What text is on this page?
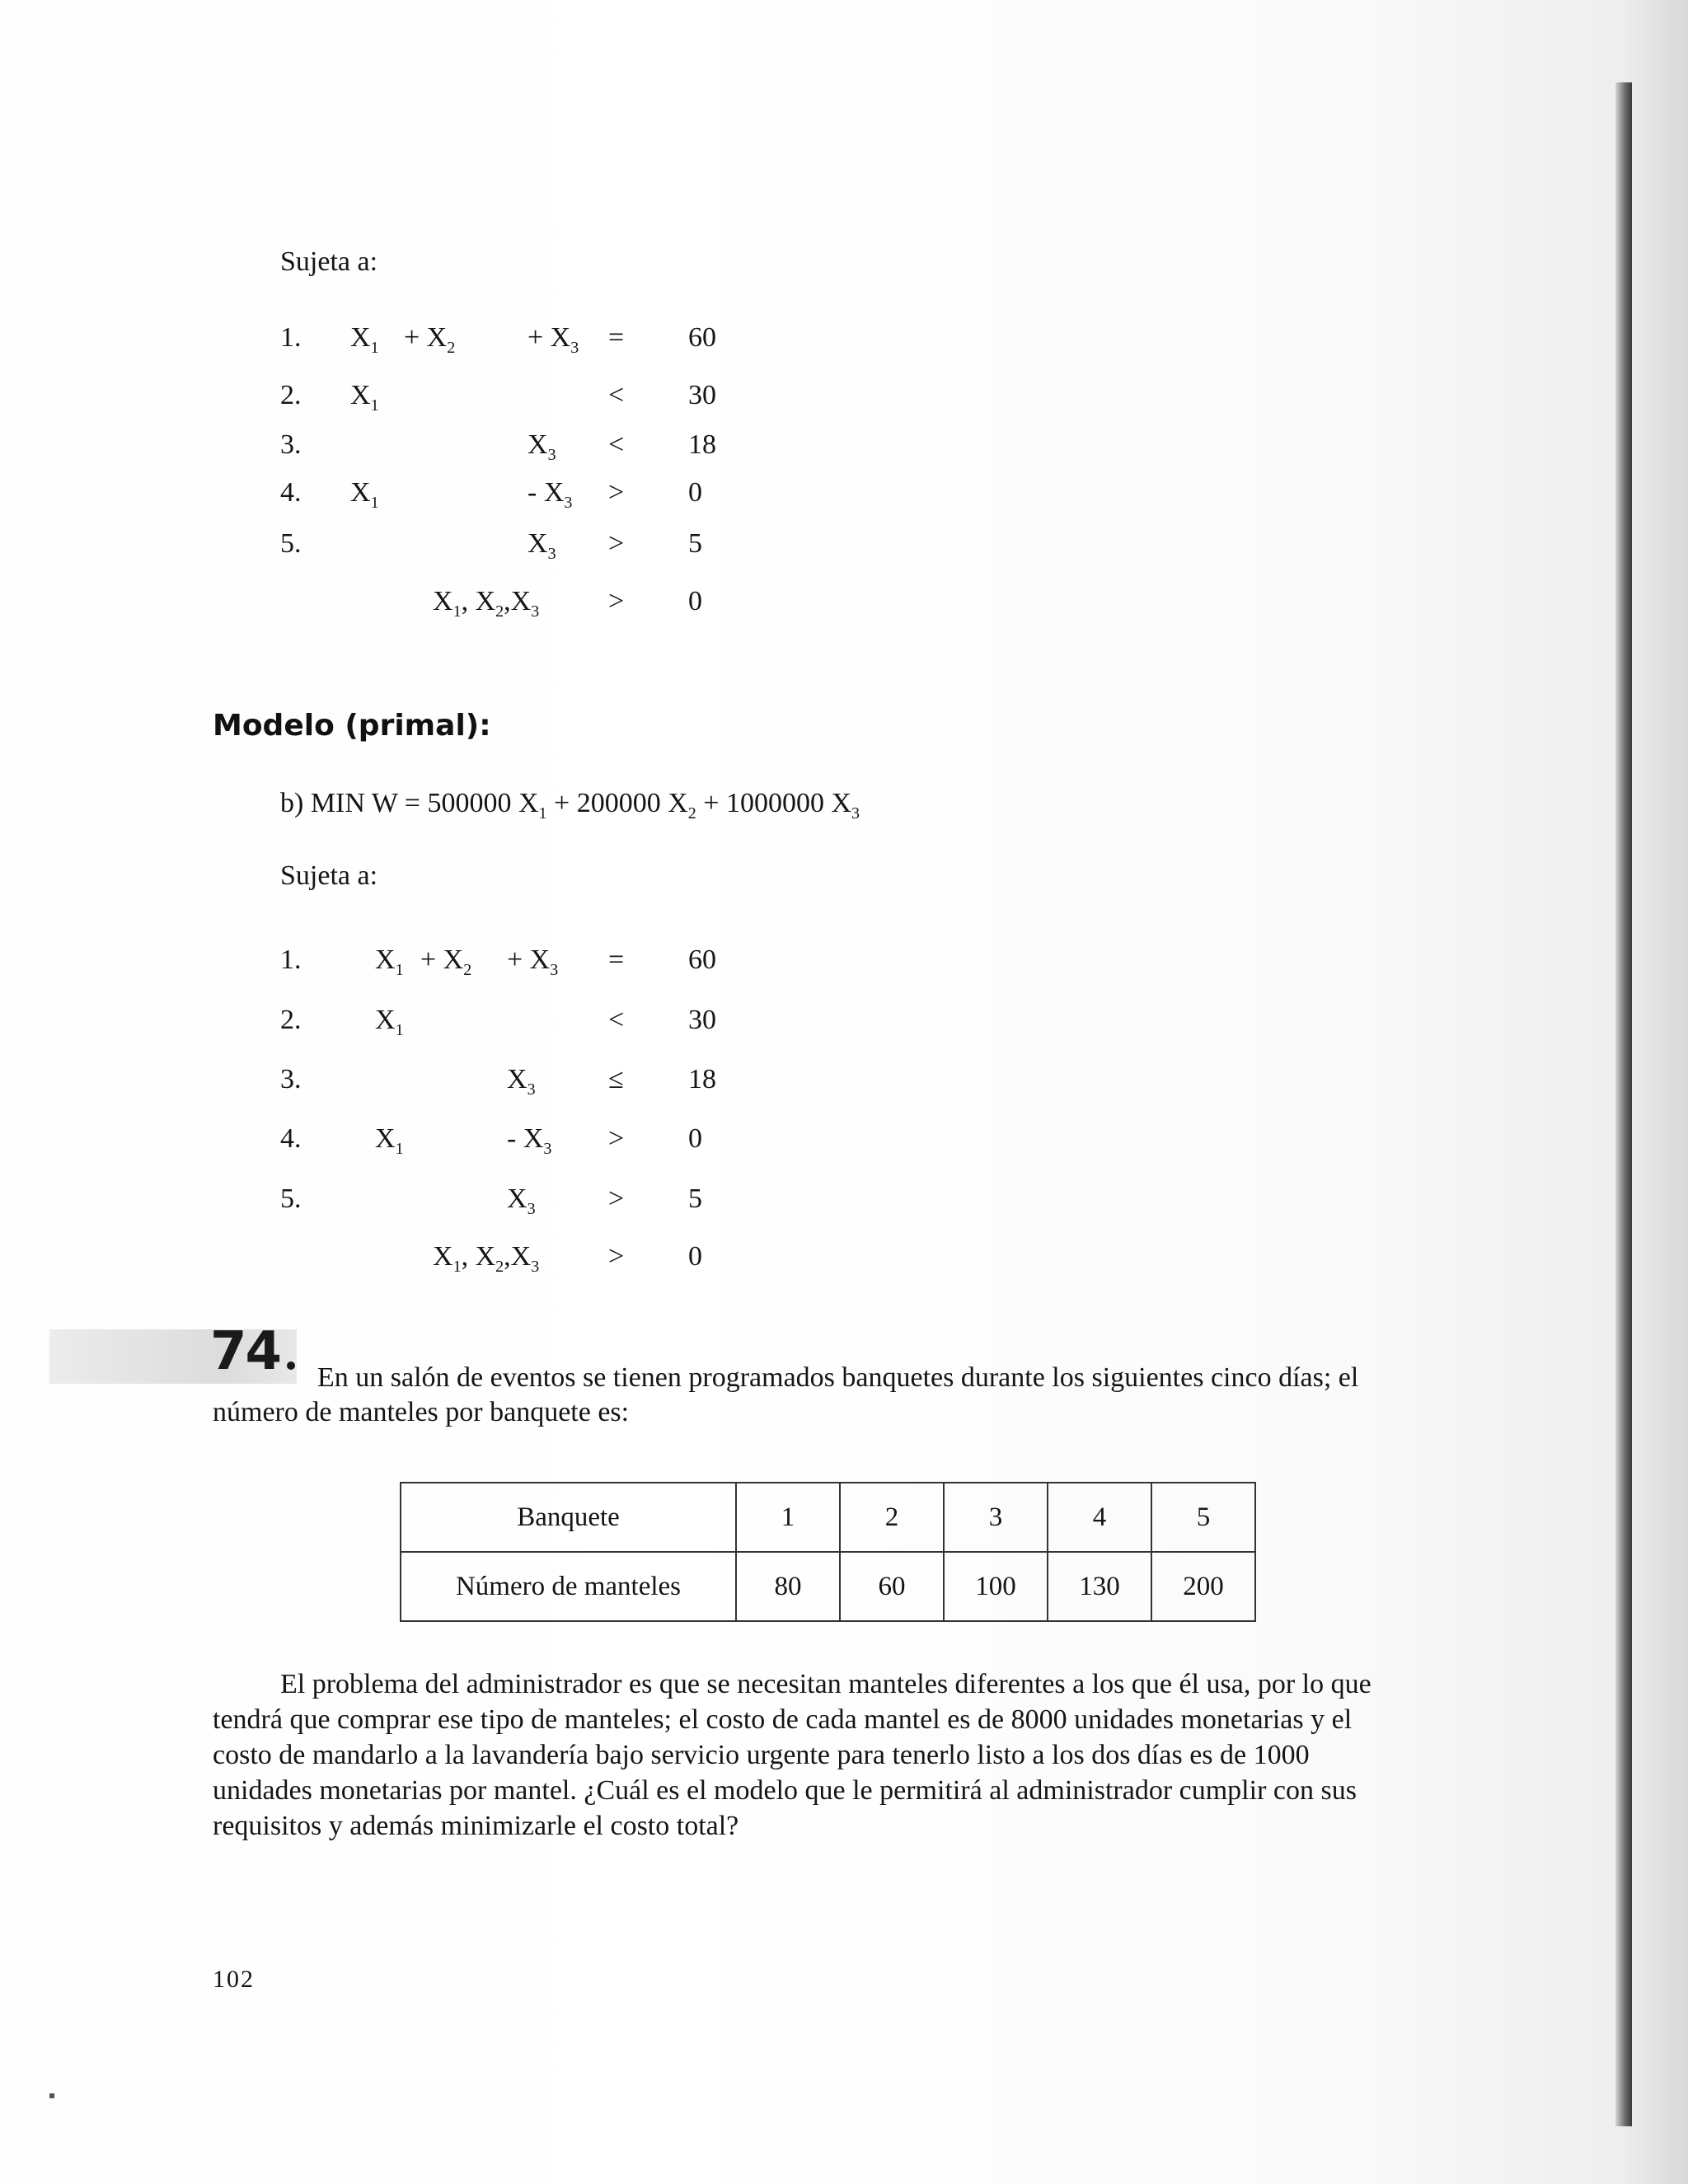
Sujeta a:
1. $X_1 + X_2$	+ $X_3 = 60$
2. $X_1$	< 30
3.	$X_3 < 18$
4. $X_1$	- $X_3 > 0$
5.	$X_3 > 5$
$X_1$, $X_2,X_3 > 0$
Modelo (primal):
b) MIN W = 500000 $X_1 + 200000$ $X_2 + 1000000$ $X_3$
Sujeta a:
1.	$X_1 + X_2 + X_3 = 60$
2.	$X_1$	< 30
3.	$X_3$	≤ 18
4.	$X_1$	- $X_3 > 0$
5.	$X_3$	> 5
$X_1$, $X_2,X_3 > 0$
74 En un salón de eventos se tienen programados banquetes durante los siguientes cinco días; el
número de manteles por banquete es:
Banquete	1	2	3	4	5
Número de manteles	80	60	100	130	200
El problema del administrador es que se necesitan manteles diferentes a los que él usa, por lo que
tendrá que comprar ese tipo de manteles; el costo de cada mantel es de 8000 unidades monetarias y el
costo de mandarlo a la lavandería bajo servicio urgente para tenerlo listo a los dos días es de 1000
unidades monetarias por mantel. ¿Cuál es el modelo que le permitirá al administrador cumplir con sus
requisitos y además minimizarle el costo total?
102
